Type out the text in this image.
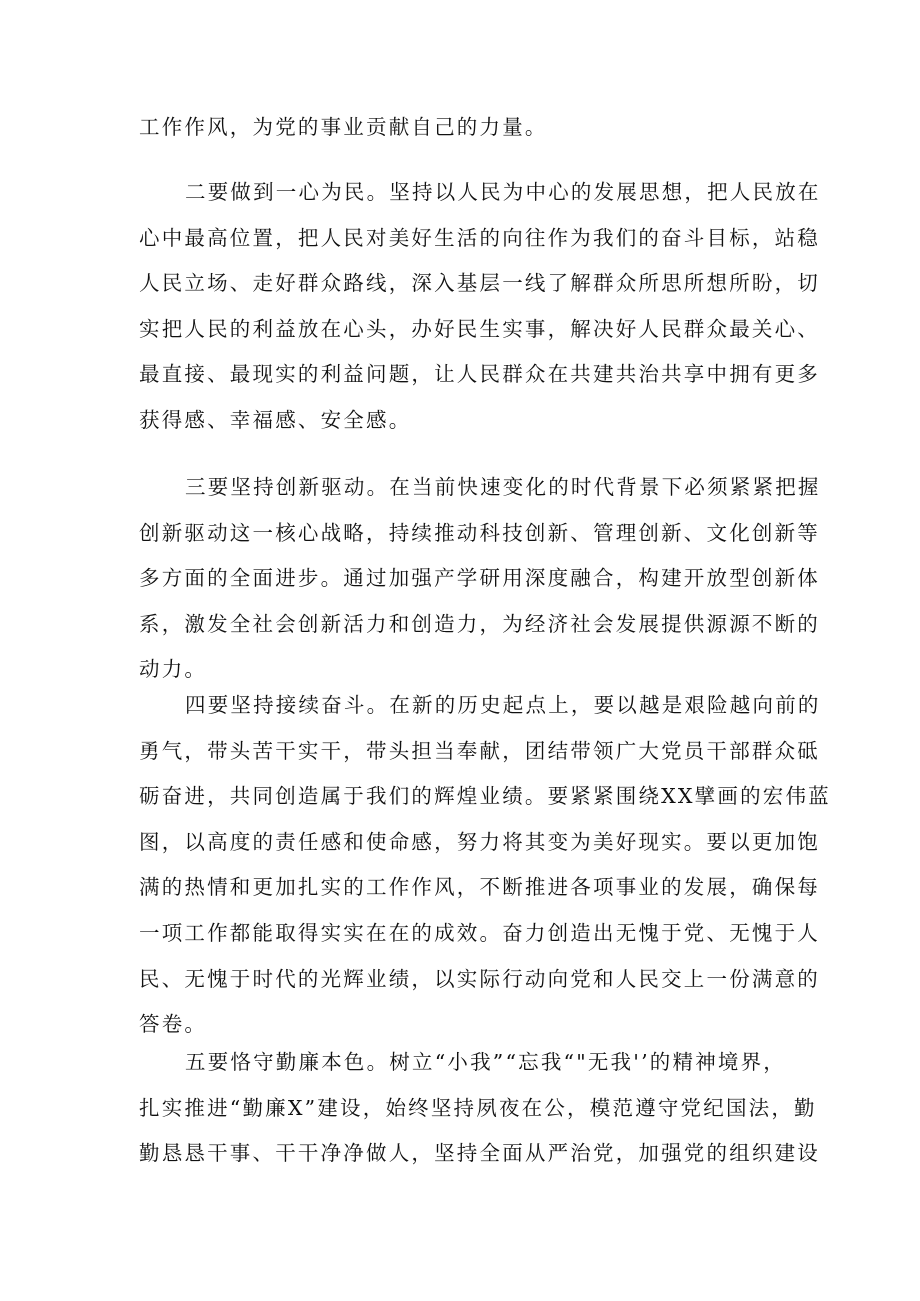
工作作风，为党的事业贡献自己的力量。
二要做到一心为民。坚持以人民为中心的发展思想，把人民放在
心中最高位置，把人民对美好生活的向往作为我们的奋斗目标，站稳
人民立场、走好群众路线，深入基层一线了解群众所思所想所盼，切
实把人民的利益放在心头，办好民生实事，解决好人民群众最关心、
最直接、最现实的利益问题，让人民群众在共建共治共享中拥有更多
获得感、幸福感、安全感。
三要坚持创新驱动。在当前快速变化的时代背景下必须紧紧把握
创新驱动这一核心战略，持续推动科技创新、管理创新、文化创新等
多方面的全面进步。通过加强产学研用深度融合，构建开放型创新体
系，激发全社会创新活力和创造力，为经济社会发展提供源源不断的
动力。
四要坚持接续奋斗。在新的历史起点上，要以越是艰险越向前的
勇气，带头苦干实干，带头担当奉献，团结带领广大党员干部群众砥
砺奋进，共同创造属于我们的辉煌业绩。要紧紧围绕XX擘画的宏伟蓝
图，以高度的责任感和使命感，努力将其变为美好现实。要以更加饱
满的热情和更加扎实的工作作风，不断推进各项事业的发展，确保每
一项工作都能取得实实在在的成效。奋力创造出无愧于党、无愧于人
民、无愧于时代的光辉业绩，以实际行动向党和人民交上一份满意的
答卷。
五要恪守勤廉本色。树立“小我”“忘我“"无我'’的精神境界，
扎实推进“勤廉X”建设，始终坚持夙夜在公，模范遵守党纪国法，勤
勤恳恳干事、干干净净做人，坚持全面从严治党，加强党的组织建设
